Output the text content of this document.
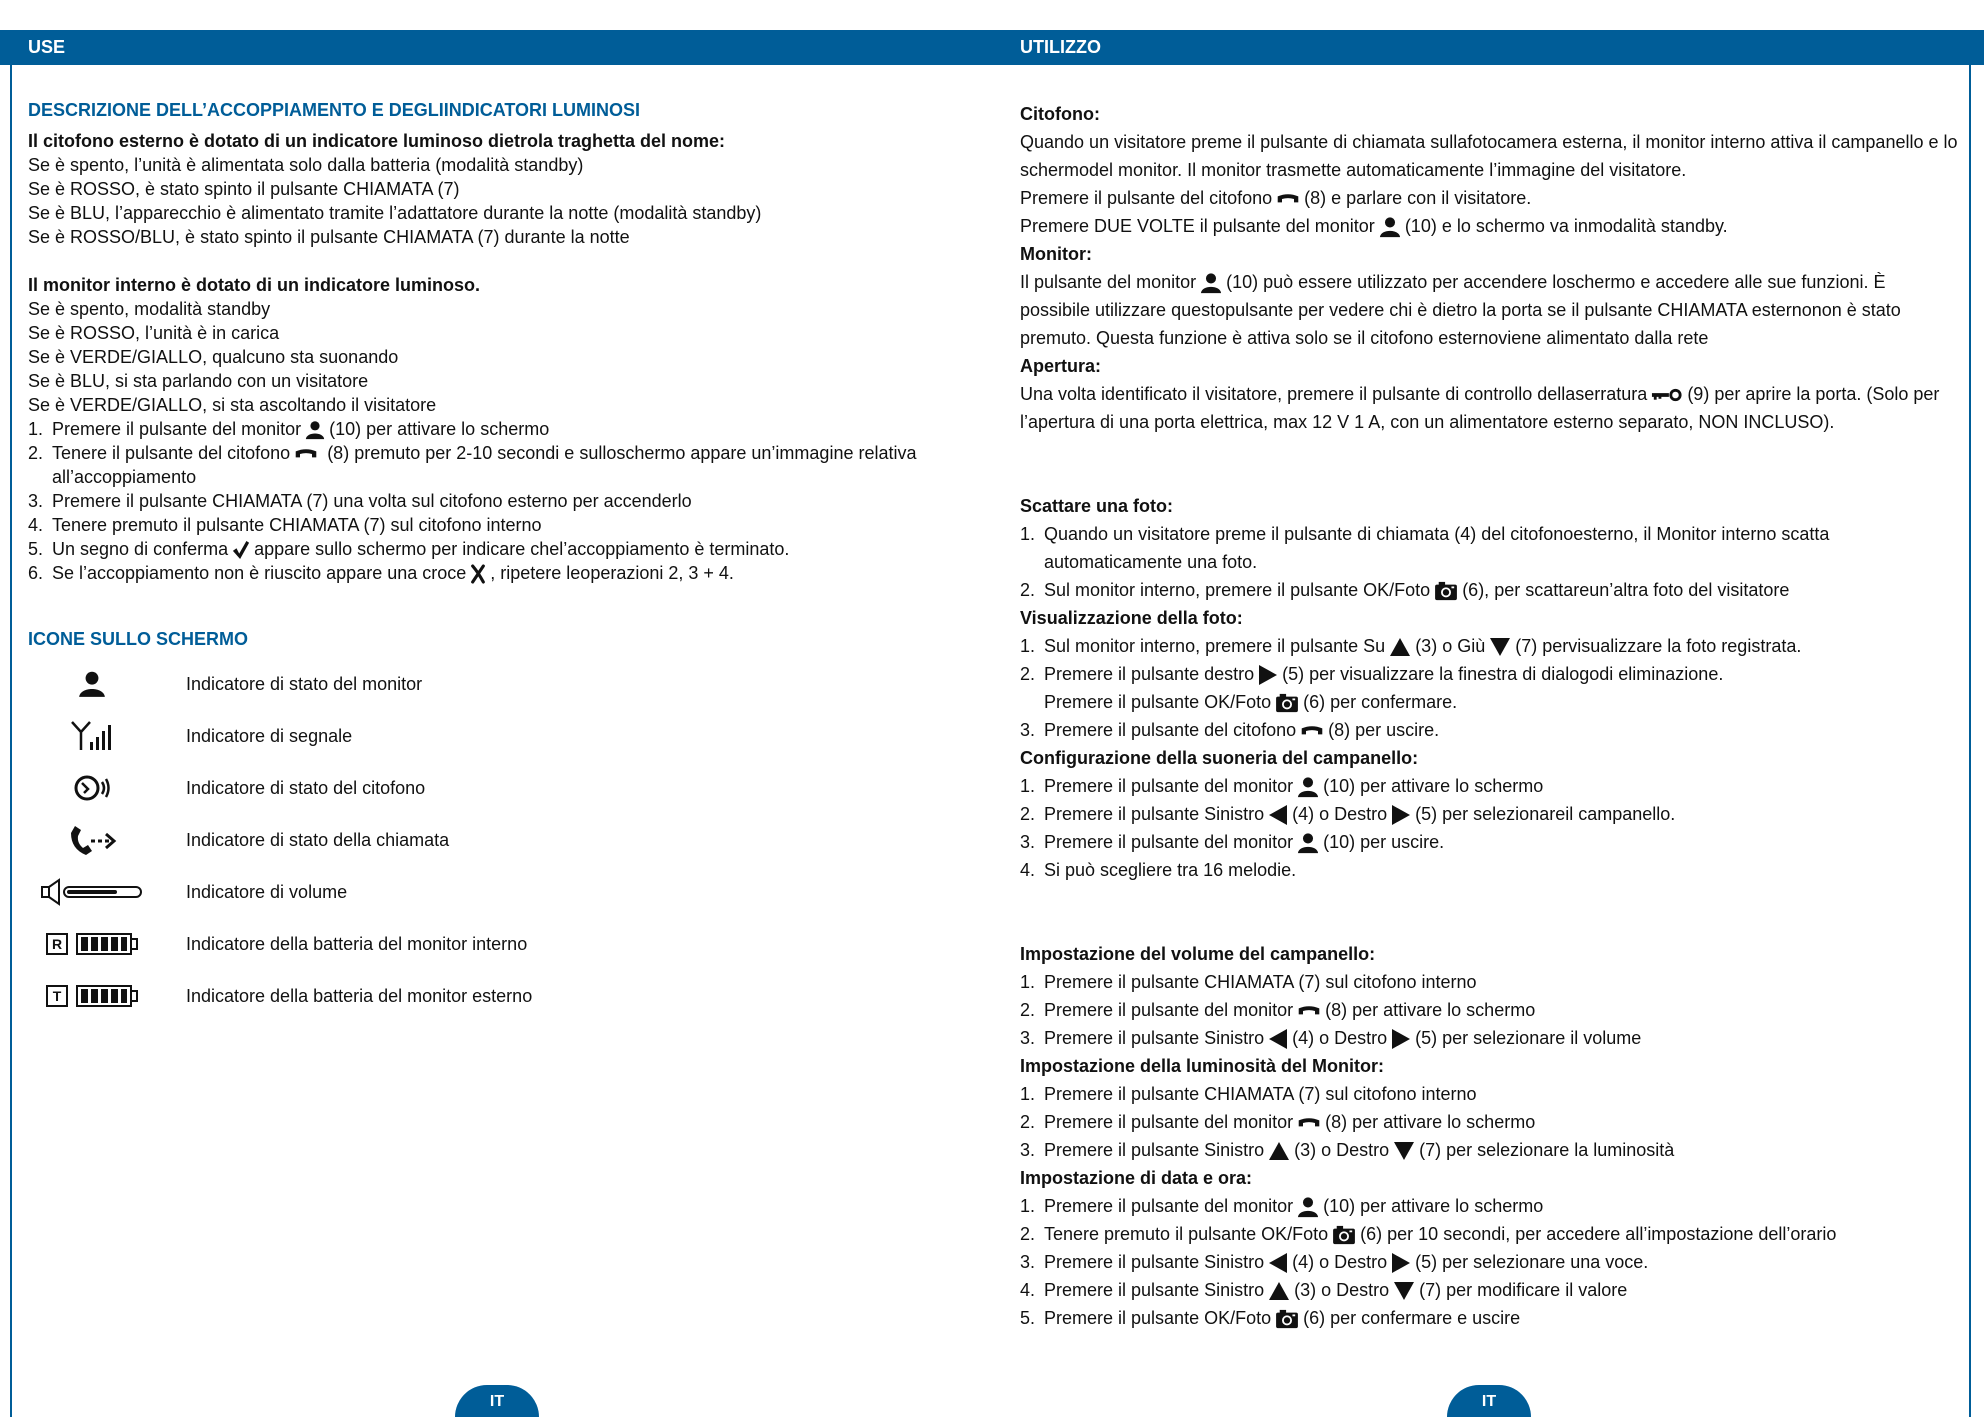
USE	UTILIZZO
DESCRIZIONE DELL’ACCOPPIAMENTO E DEGLIINDICATORI LUMINOSI
Il citofono esterno è dotato di un indicatore luminoso dietrola traghetta del nome:
Se è spento, l’unità è alimentata solo dalla batteria (modalità standby)
Se è ROSSO, è stato spinto il pulsante CHIAMATA (7)
Se è BLU, l’apparecchio è alimentato tramite l’adattatore durante la notte (modalità standby)
Se è ROSSO/BLU, è stato spinto il pulsante CHIAMATA (7) durante la notte
Il monitor interno è dotato di un indicatore luminoso.
Se è spento, modalità standby
Se è ROSSO, l’unità è in carica
Se è VERDE/GIALLO, qualcuno sta suonando
Se è BLU, si sta parlando con un visitatore
Se è VERDE/GIALLO, si sta ascoltando il visitatore
1. Premere il pulsante del monitor (10) per attivare lo schermo
2. Tenere il pulsante del citofono (8) premuto per 2-10 secondi e sulloschermo appare un’immagine relativa
all’accoppiamento
3. Premere il pulsante CHIAMATA (7) una volta sul citofono esterno per accenderlo
4. Tenere premuto il pulsante CHIAMATA (7) sul citofono interno
5. Un segno di conferma appare sullo schermo per indicare chel’accoppiamento è terminato.
6. Se l’accoppiamento non è riuscito appare una croce , ripetere leoperazioni 2, 3 + 4.
ICONE SULLO SCHERMO
Indicatore di stato del monitor
Indicatore di segnale
Indicatore di stato del citofono
Indicatore di stato della chiamata
Indicatore di volume
R	Indicatore della batteria del monitor interno
T	Indicatore della batteria del monitor esterno
Citofono:
Quando un visitatore preme il pulsante di chiamata sullafotocamera esterna, il monitor interno attiva il campanello e lo schermodel monitor. Il monitor trasmette automaticamente l’immagine del visitatore.
Premere il pulsante del citofono (8) e parlare con il visitatore.
Premere DUE VOLTE il pulsante del monitor (10) e lo schermo va inmodalità standby.
Monitor:
Il pulsante del monitor (10) può essere utilizzato per accendere loschermo e accedere alle sue funzioni. È possibile utilizzare questopulsante per vedere chi è dietro la porta se il pulsante CHIAMATA esternonon è stato premuto. Questa funzione è attiva solo se il citofono esternoviene alimentato dalla rete
Apertura:
Una volta identificato il visitatore, premere il pulsante di controllo dellaserratura (9) per aprire la porta. (Solo per l’apertura di una porta elettrica, max 12 V 1 A, con un alimentatore esterno separato, NON INCLUSO).
Scattare una foto:
1. Quando un visitatore preme il pulsante di chiamata (4) del citofonoesterno, il Monitor interno scatta automaticamente una foto.
2. Sul monitor interno, premere il pulsante OK/Foto (6), per scattareun’altra foto del visitatore
Visualizzazione della foto:
1. Sul monitor interno, premere il pulsante Su (3) o Giù (7) pervisualizzare la foto registrata.
2. Premere il pulsante destro (5) per visualizzare la finestra di dialogodi eliminazione.
Premere il pulsante OK/Foto (6) per confermare.
3. Premere il pulsante del citofono (8) per uscire.
Configurazione della suoneria del campanello:
1. Premere il pulsante del monitor (10) per attivare lo schermo
2. Premere il pulsante Sinistro (4) o Destro (5) per selezionareil campanello.
3. Premere il pulsante del monitor (10) per uscire.
4. Si può scegliere tra 16 melodie.
Impostazione del volume del campanello:
1. Premere il pulsante CHIAMATA (7) sul citofono interno
2. Premere il pulsante del monitor (8) per attivare lo schermo
3. Premere il pulsante Sinistro (4) o Destro (5) per selezionare il volume
Impostazione della luminosità del Monitor:
1. Premere il pulsante CHIAMATA (7) sul citofono interno
2. Premere il pulsante del monitor (8) per attivare lo schermo
3. Premere il pulsante Sinistro (3) o Destro (7) per selezionare la luminosità
Impostazione di data e ora:
1. Premere il pulsante del monitor (10) per attivare lo schermo
2. Tenere premuto il pulsante OK/Foto (6) per 10 secondi, per accedere all’impostazione dell’orario
3. Premere il pulsante Sinistro (4) o Destro (5) per selezionare una voce.
4. Premere il pulsante Sinistro (3) o Destro (7) per modificare il valore
5. Premere il pulsante OK/Foto (6) per confermare e uscire
IT	IT
